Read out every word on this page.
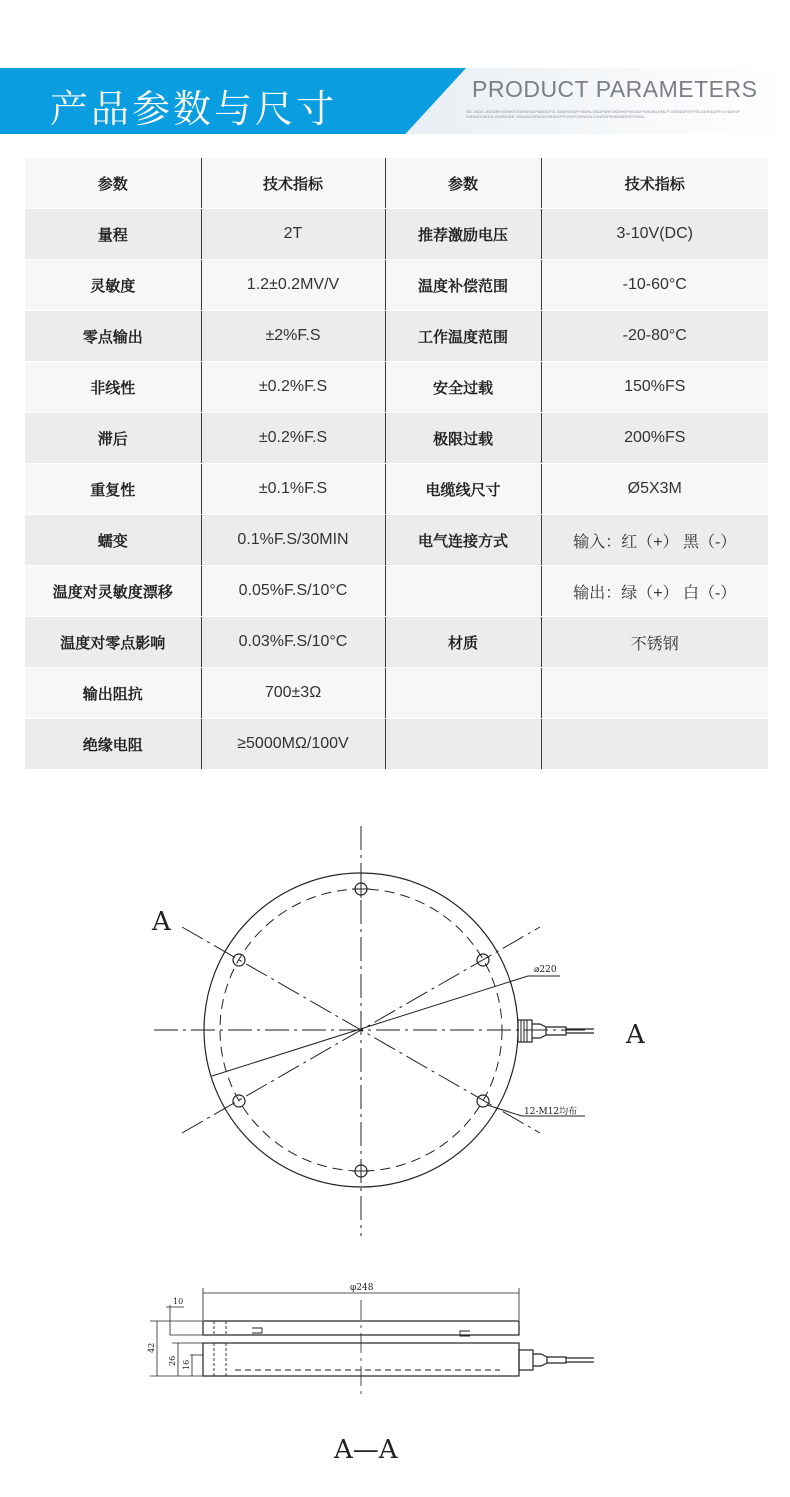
产品参数与尺寸	PRODUCT PARAMETERS
OIL JNDK JGEDSHGDNKFDGHNKSDFNBGDFJL SDNHKSDFHSDNLGBDFNHKSKDHGFHKGDFHJKDBLHMLP CDKSDFGFPSEJGHKDDFH CHAHOF DJDHGLDESJLGHHNSDE JGKASDGFNCKHSHDGFPGSHTGHNSDLSVNSGPKHBHSDERTHDSL
参数	技术指标	参数	技术指标
量程	2T	推荐激励电压	3-10V(DC)
灵敏度	1.2±0.2MV/V	温度补偿范围	-10-60°C
零点输出	±2%F.S	工作温度范围	-20-80°C
非线性	±0.2%F.S	安全过载	150%FS
滞后	±0.2%F.S	极限过载	200%FS
重复性	±0.1%F.S	电缆线尺寸	Ø5X3M
蠕变	0.1%F.S/30MIN	电气连接方式	输入：红（+） 黑（-）
温度对灵敏度漂移	0.05%F.S/10°C		输出：绿（+） 白（-）
温度对零点影响	0.03%F.S/10°C	材质	不锈钢
输出阻抗	700±3Ω		
绝缘电阻	≥5000MΩ/100V		
A
A
⌀220
12-M12均布
φ248
10
42
26 16
A—A
